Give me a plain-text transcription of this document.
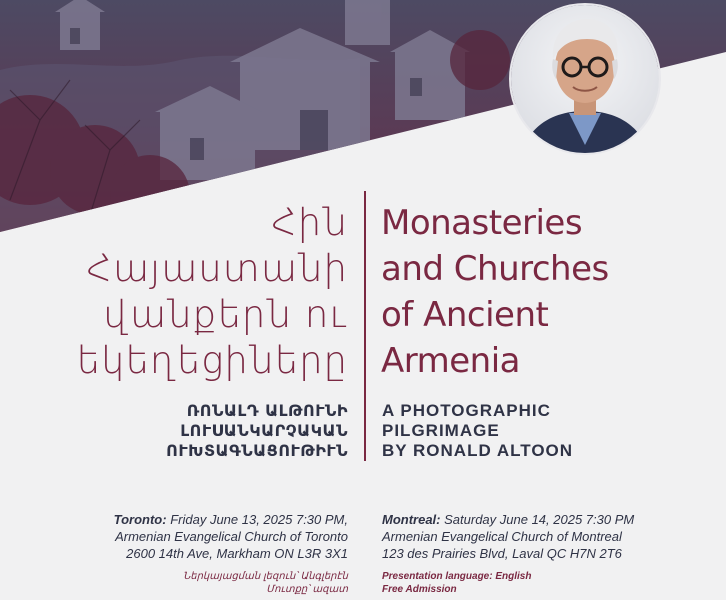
Հին
Հայաստանի
վանքերն ու
եկեղեցիները
Monasteries
and Churches
of Ancient
Armenia
ՌՈՆԱԼԴ ԱԼԹՈՒՆԻ
ԼՈՒՍԱՆԿԱՐՉԱԿԱՆ
ՈՒԽՏԱԳՆԱՑՈՒԹԻՒՆ
A PHOTOGRAPHIC
PILGRIMAGE
BY RONALD ALTOON
Toronto: Friday June 13, 2025 7:30 PM,
Armenian Evangelical Church of Toronto
2600 14th Ave, Markham ON L3R 3X1
Montreal: Saturday June 14, 2025 7:30 PM
Armenian Evangelical Church of Montreal
123 des Prairies Blvd, Laval QC H7N 2T6
Ներկայացման լեզուն՝ Անգլերէն
Մուտքը՝ ազատ
Presentation language: English
Free Admission
